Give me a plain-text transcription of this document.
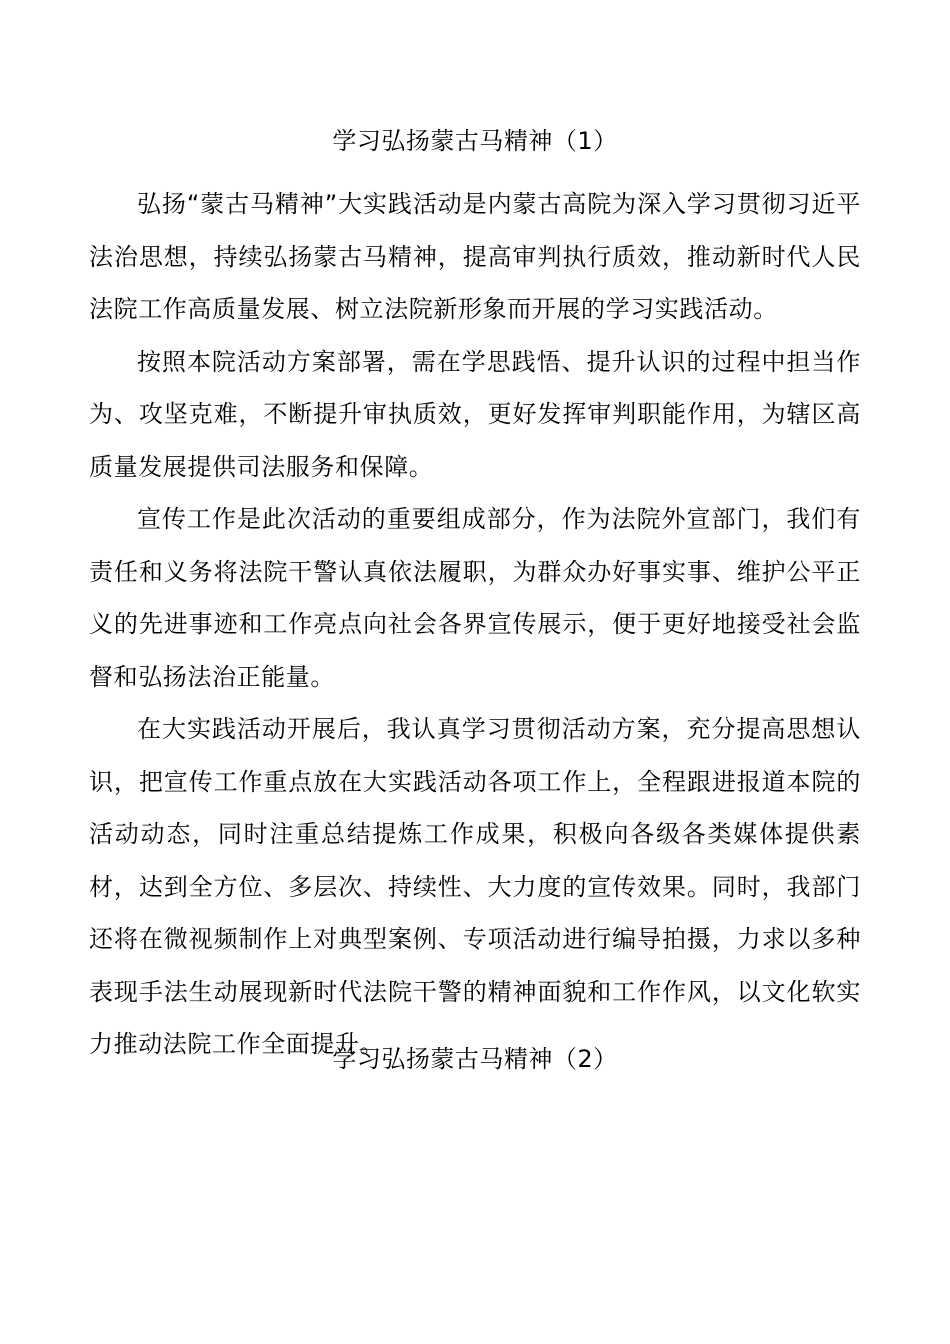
学习弘扬蒙古马精神（1）

弘扬“蒙古马精神”大实践活动是内蒙古高院为深入学习贯彻习近平法治思想，持续弘扬蒙古马精神，提高审判执行质效，推动新时代人民法院工作高质量发展、树立法院新形象而开展的学习实践活动。

按照本院活动方案部署，需在学思践悟、提升认识的过程中担当作为、攻坚克难，不断提升审执质效，更好发挥审判职能作用，为辖区高质量发展提供司法服务和保障。

宣传工作是此次活动的重要组成部分，作为法院外宣部门，我们有责任和义务将法院干警认真依法履职，为群众办好事实事、维护公平正义的先进事迹和工作亮点向社会各界宣传展示，便于更好地接受社会监督和弘扬法治正能量。

在大实践活动开展后，我认真学习贯彻活动方案，充分提高思想认识，把宣传工作重点放在大实践活动各项工作上，全程跟进报道本院的活动动态，同时注重总结提炼工作成果，积极向各级各类媒体提供素材，达到全方位、多层次、持续性、大力度的宣传效果。同时，我部门还将在微视频制作上对典型案例、专项活动进行编导拍摄，力求以多种表现手法生动展现新时代法院干警的精神面貌和工作作风，以文化软实力推动法院工作全面提升。

学习弘扬蒙古马精神（2）
